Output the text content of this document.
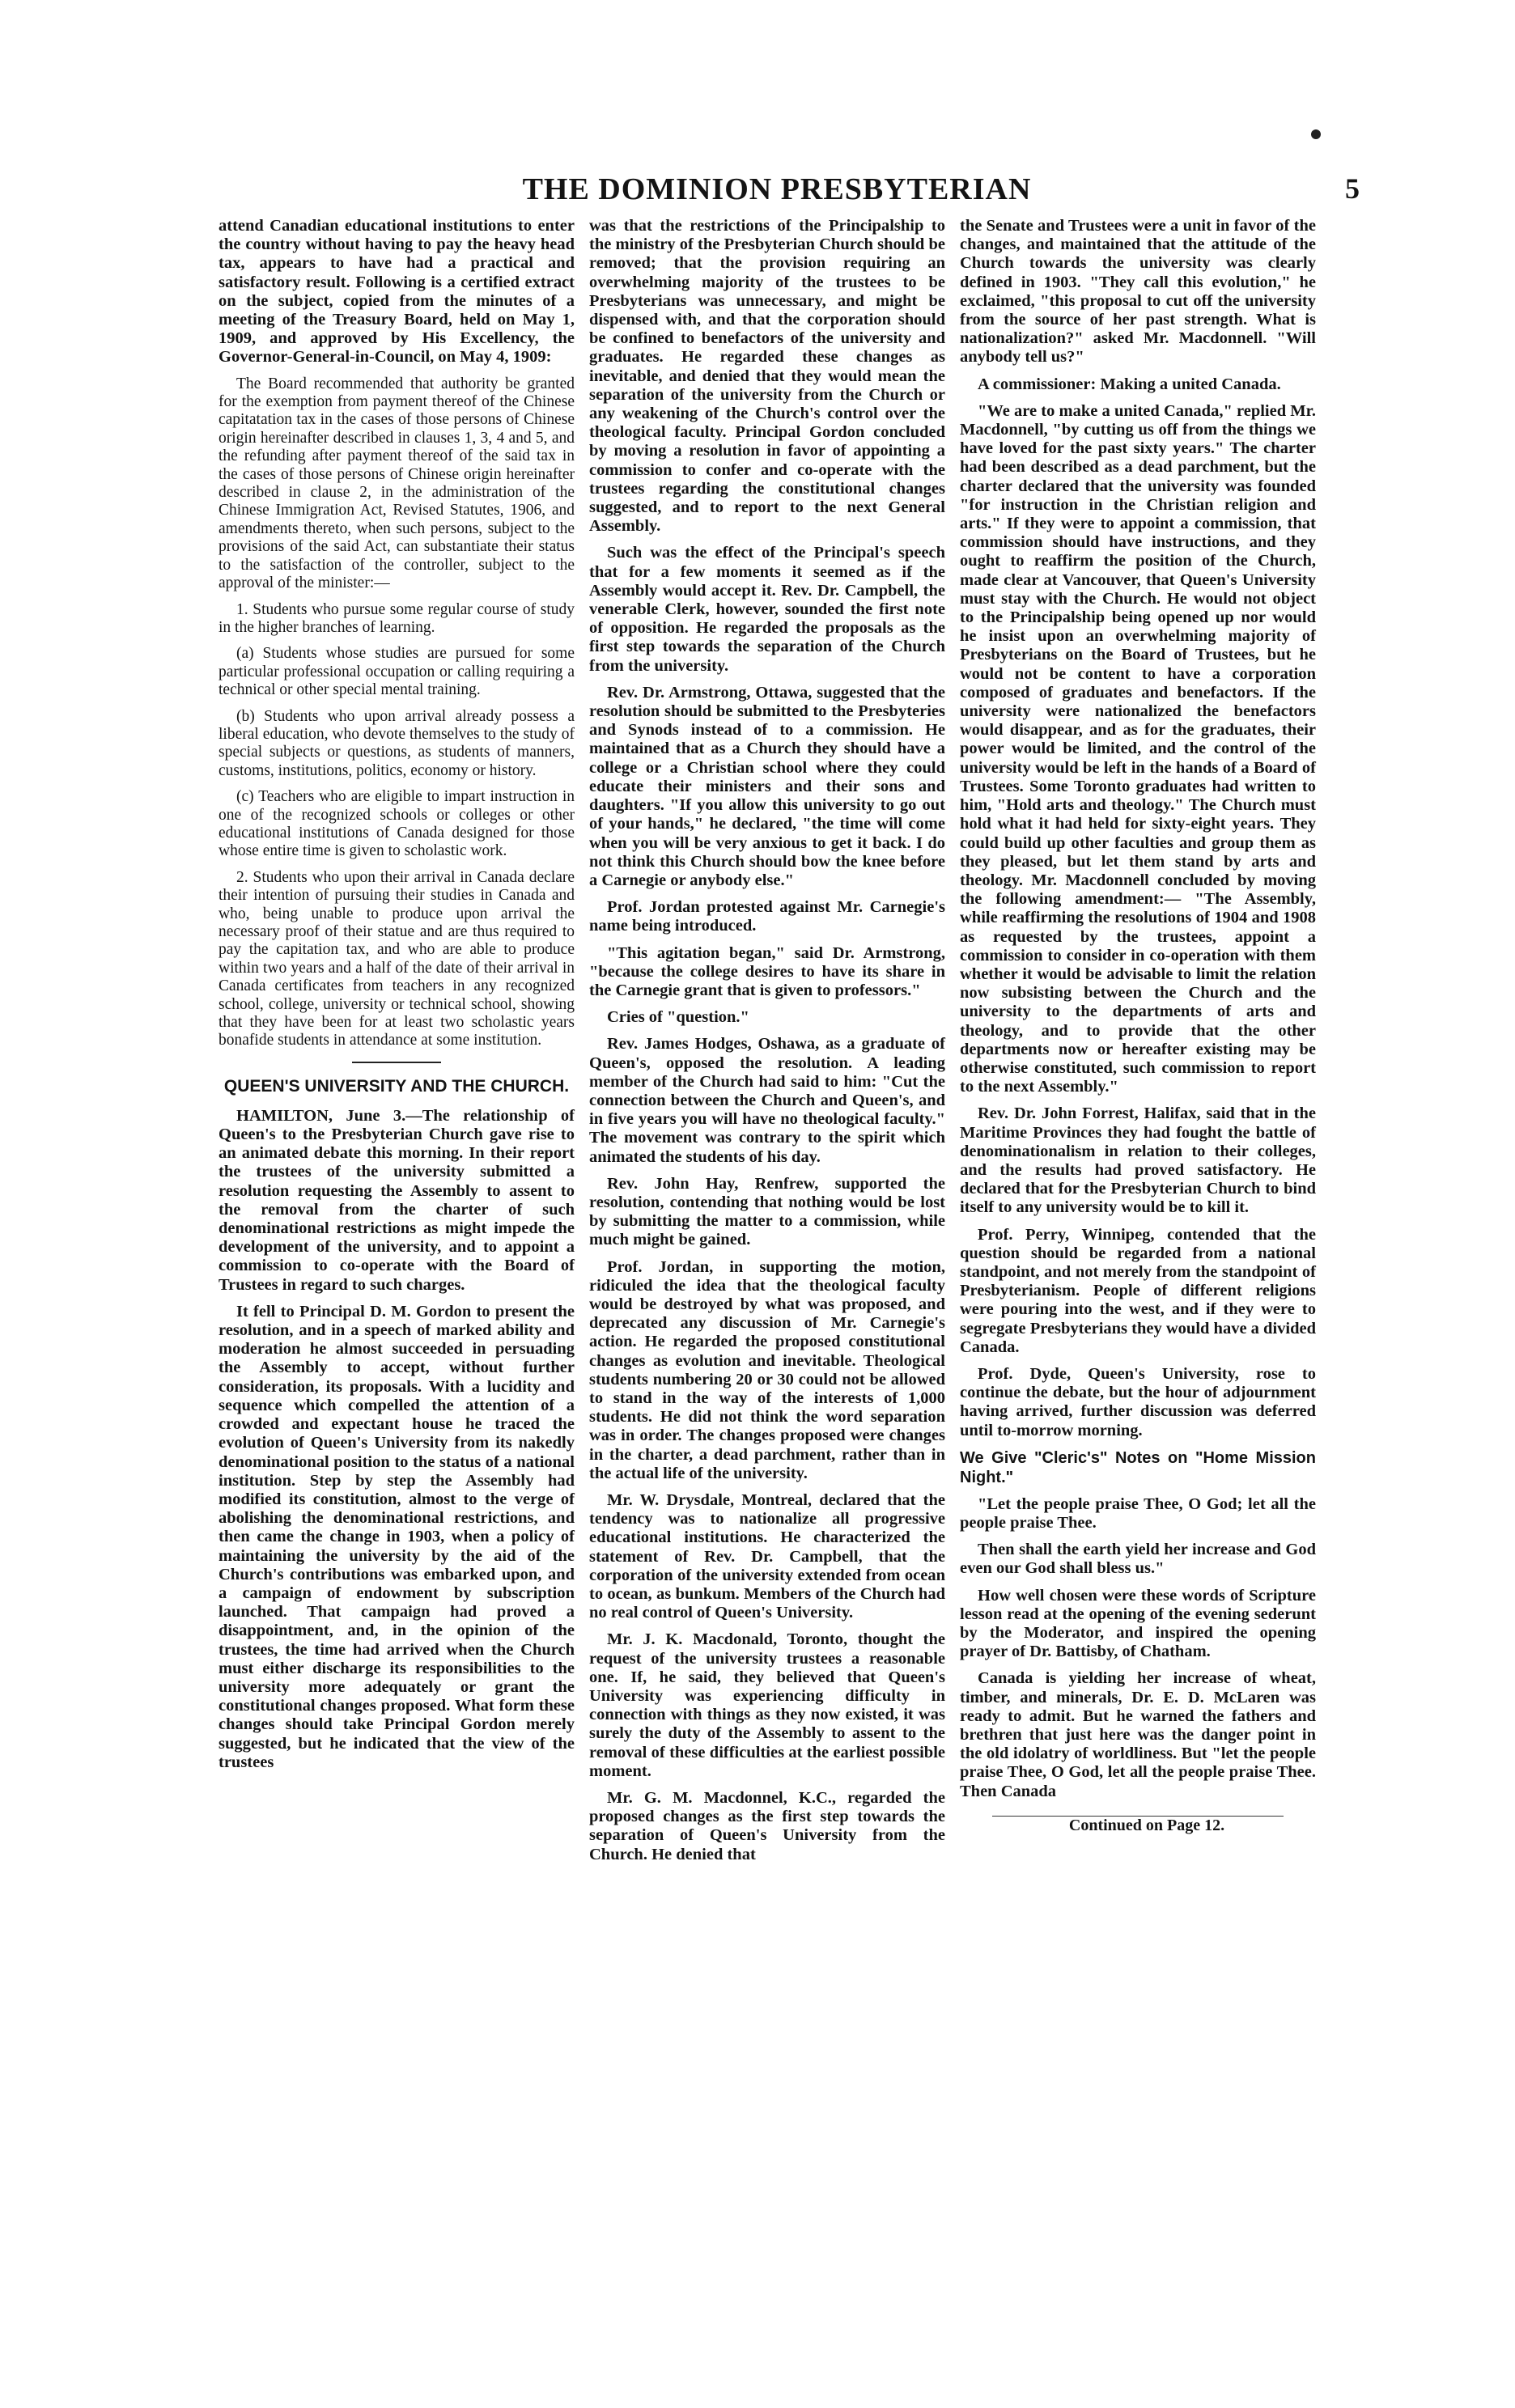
THE DOMINION PRESBYTERIAN	5

attend Canadian educational institutions to enter the country without having to pay the heavy head tax, appears to have had a practical and satisfactory result. Following is a certified extract on the subject, copied from the minutes of a meeting of the Treasury Board, held on May 1, 1909, and approved by His Excellency, the Governor-General-in-Council, on May 4, 1909:

The Board recommended that authority be granted for the exemption from payment thereof of the Chinese capitatation tax in the cases of those persons of Chinese origin hereinafter described in clauses 1, 3, 4 and 5, and the refunding after payment thereof of the said tax in the cases of those persons of Chinese origin hereinafter described in clause 2, in the administration of the Chinese Immigration Act, Revised Statutes, 1906, and amendments thereto, when such persons, subject to the provisions of the said Act, can substantiate their status to the satisfaction of the controller, subject to the approval of the minister:—

1. Students who pursue some regular course of study in the higher branches of learning.

(a) Students whose studies are pursued for some particular professional occupation or calling requiring a technical or other special mental training.

(b) Students who upon arrival already possess a liberal education, who devote themselves to the study of special subjects or questions, as students of manners, customs, institutions, politics, economy or history.

(c) Teachers who are eligible to impart instruction in one of the recognized schools or colleges or other educational institutions of Canada designed for those whose entire time is given to scholastic work.

2. Students who upon their arrival in Canada declare their intention of pursuing their studies in Canada and who, being unable to produce upon arrival the necessary proof of their statue and are thus required to pay the capitation tax, and who are able to produce within two years and a half of the date of their arrival in Canada certificates from teachers in any recognized school, college, university or technical school, showing that they have been for at least two scholastic years bonafide students in attendance at some institution.

QUEEN'S UNIVERSITY AND THE CHURCH.

HAMILTON, June 3.—The relationship of Queen's to the Presbyterian Church gave rise to an animated debate this morning. In their report the trustees of the university submitted a resolution requesting the Assembly to assent to the removal from the charter of such denominational restrictions as might impede the development of the university, and to appoint a commission to co-operate with the Board of Trustees in regard to such charges.

It fell to Principal D. M. Gordon to present the resolution, and in a speech of marked ability and moderation he almost succeeded in persuading the Assembly to accept, without further consideration, its proposals. With a lucidity and sequence which compelled the attention of a crowded and expectant house he traced the evolution of Queen's University from its nakedly denominational position to the status of a national institution. Step by step the Assembly had modified its constitution, almost to the verge of abolishing the denominational restrictions, and then came the change in 1903, when a policy of maintaining the university by the aid of the Church's contributions was embarked upon, and a campaign of endowment by subscription launched. That campaign had proved a disappointment, and, in the opinion of the trustees, the time had arrived when the Church must either discharge its responsibilities to the university more adequately or grant the constitutional changes proposed. What form these changes should take Principal Gordon merely suggested, but he indicated that the view of the trustees

was that the restrictions of the Principalship to the ministry of the Presbyterian Church should be removed; that the provision requiring an overwhelming majority of the trustees to be Presbyterians was unnecessary, and might be dispensed with, and that the corporation should be confined to benefactors of the university and graduates. He regarded these changes as inevitable, and denied that they would mean the separation of the university from the Church or any weakening of the Church's control over the theological faculty. Principal Gordon concluded by moving a resolution in favor of appointing a commission to confer and co-operate with the trustees regarding the constitutional changes suggested, and to report to the next General Assembly.

Such was the effect of the Principal's speech that for a few moments it seemed as if the Assembly would accept it. Rev. Dr. Campbell, the venerable Clerk, however, sounded the first note of opposition. He regarded the proposals as the first step towards the separation of the Church from the university.

Rev. Dr. Armstrong, Ottawa, suggested that the resolution should be submitted to the Presbyteries and Synods instead of to a commission. He maintained that as a Church they should have a college or a Christian school where they could educate their ministers and their sons and daughters. "If you allow this university to go out of your hands," he declared, "the time will come when you will be very anxious to get it back. I do not think this Church should bow the knee before a Carnegie or anybody else."

Prof. Jordan protested against Mr. Carnegie's name being introduced.

"This agitation began," said Dr. Armstrong, "because the college desires to have its share in the Carnegie grant that is given to professors."

Cries of "question."

Rev. James Hodges, Oshawa, as a graduate of Queen's, opposed the resolution. A leading member of the Church had said to him: "Cut the connection between the Church and Queen's, and in five years you will have no theological faculty." The movement was contrary to the spirit which animated the students of his day.

Rev. John Hay, Renfrew, supported the resolution, contending that nothing would be lost by submitting the matter to a commission, while much might be gained.

Prof. Jordan, in supporting the motion, ridiculed the idea that the theological faculty would be destroyed by what was proposed, and deprecated any discussion of Mr. Carnegie's action. He regarded the proposed constitutional changes as evolution and inevitable. Theological students numbering 20 or 30 could not be allowed to stand in the way of the interests of 1,000 students. He did not think the word separation was in order. The changes proposed were changes in the charter, a dead parchment, rather than in the actual life of the university.

Mr. W. Drysdale, Montreal, declared that the tendency was to nationalize all progressive educational institutions. He characterized the statement of Rev. Dr. Campbell, that the corporation of the university extended from ocean to ocean, as bunkum. Members of the Church had no real control of Queen's University.

Mr. J. K. Macdonald, Toronto, thought the request of the university trustees a reasonable one. If, he said, they believed that Queen's University was experiencing difficulty in connection with things as they now existed, it was surely the duty of the Assembly to assent to the removal of these difficulties at the earliest possible moment.

Mr. G. M. Macdonnel, K.C., regarded the proposed changes as the first step towards the separation of Queen's University from the Church. He denied that

the Senate and Trustees were a unit in favor of the changes, and maintained that the attitude of the Church towards the university was clearly defined in 1903. "They call this evolution," he exclaimed, "this proposal to cut off the university from the source of her past strength. What is nationalization?" asked Mr. Macdonnell. "Will anybody tell us?"

A commissioner: Making a united Canada.

"We are to make a united Canada," replied Mr. Macdonnell, "by cutting us off from the things we have loved for the past sixty years." The charter had been described as a dead parchment, but the charter declared that the university was founded "for instruction in the Christian religion and arts." If they were to appoint a commission, that commission should have instructions, and they ought to reaffirm the position of the Church, made clear at Vancouver, that Queen's University must stay with the Church. He would not object to the Principalship being opened up nor would he insist upon an overwhelming majority of Presbyterians on the Board of Trustees, but he would not be content to have a corporation composed of graduates and benefactors. If the university were nationalized the benefactors would disappear, and as for the graduates, their power would be limited, and the control of the university would be left in the hands of a Board of Trustees. Some Toronto graduates had written to him, "Hold arts and theology." The Church must hold what it had held for sixty-eight years. They could build up other faculties and group them as they pleased, but let them stand by arts and theology. Mr. Macdonnell concluded by moving the following amendment:— "The Assembly, while reaffirming the resolutions of 1904 and 1908 as requested by the trustees, appoint a commission to consider in co-operation with them whether it would be advisable to limit the relation now subsisting between the Church and the university to the departments of arts and theology, and to provide that the other departments now or hereafter existing may be otherwise constituted, such commission to report to the next Assembly."

Rev. Dr. John Forrest, Halifax, said that in the Maritime Provinces they had fought the battle of denominationalism in relation to their colleges, and the results had proved satisfactory. He declared that for the Presbyterian Church to bind itself to any university would be to kill it.

Prof. Perry, Winnipeg, contended that the question should be regarded from a national standpoint, and not merely from the standpoint of Presbyterianism. People of different religions were pouring into the west, and if they were to segregate Presbyterians they would have a divided Canada.

Prof. Dyde, Queen's University, rose to continue the debate, but the hour of adjournment having arrived, further discussion was deferred until to-morrow morning.

We Give "Cleric's" Notes on "Home Mission Night."

"Let the people praise Thee, O God; let all the people praise Thee.

Then shall the earth yield her increase and God even our God shall bless us."

How well chosen were these words of Scripture lesson read at the opening of the evening sederunt by the Moderator, and inspired the opening prayer of Dr. Battisby, of Chatham.

Canada is yielding her increase of wheat, timber, and minerals, Dr. E. D. McLaren was ready to admit. But he warned the fathers and brethren that just here was the danger point in the old idolatry of worldliness. But "let the people praise Thee, O God, let all the people praise Thee. Then Canada

Continued on Page 12.
